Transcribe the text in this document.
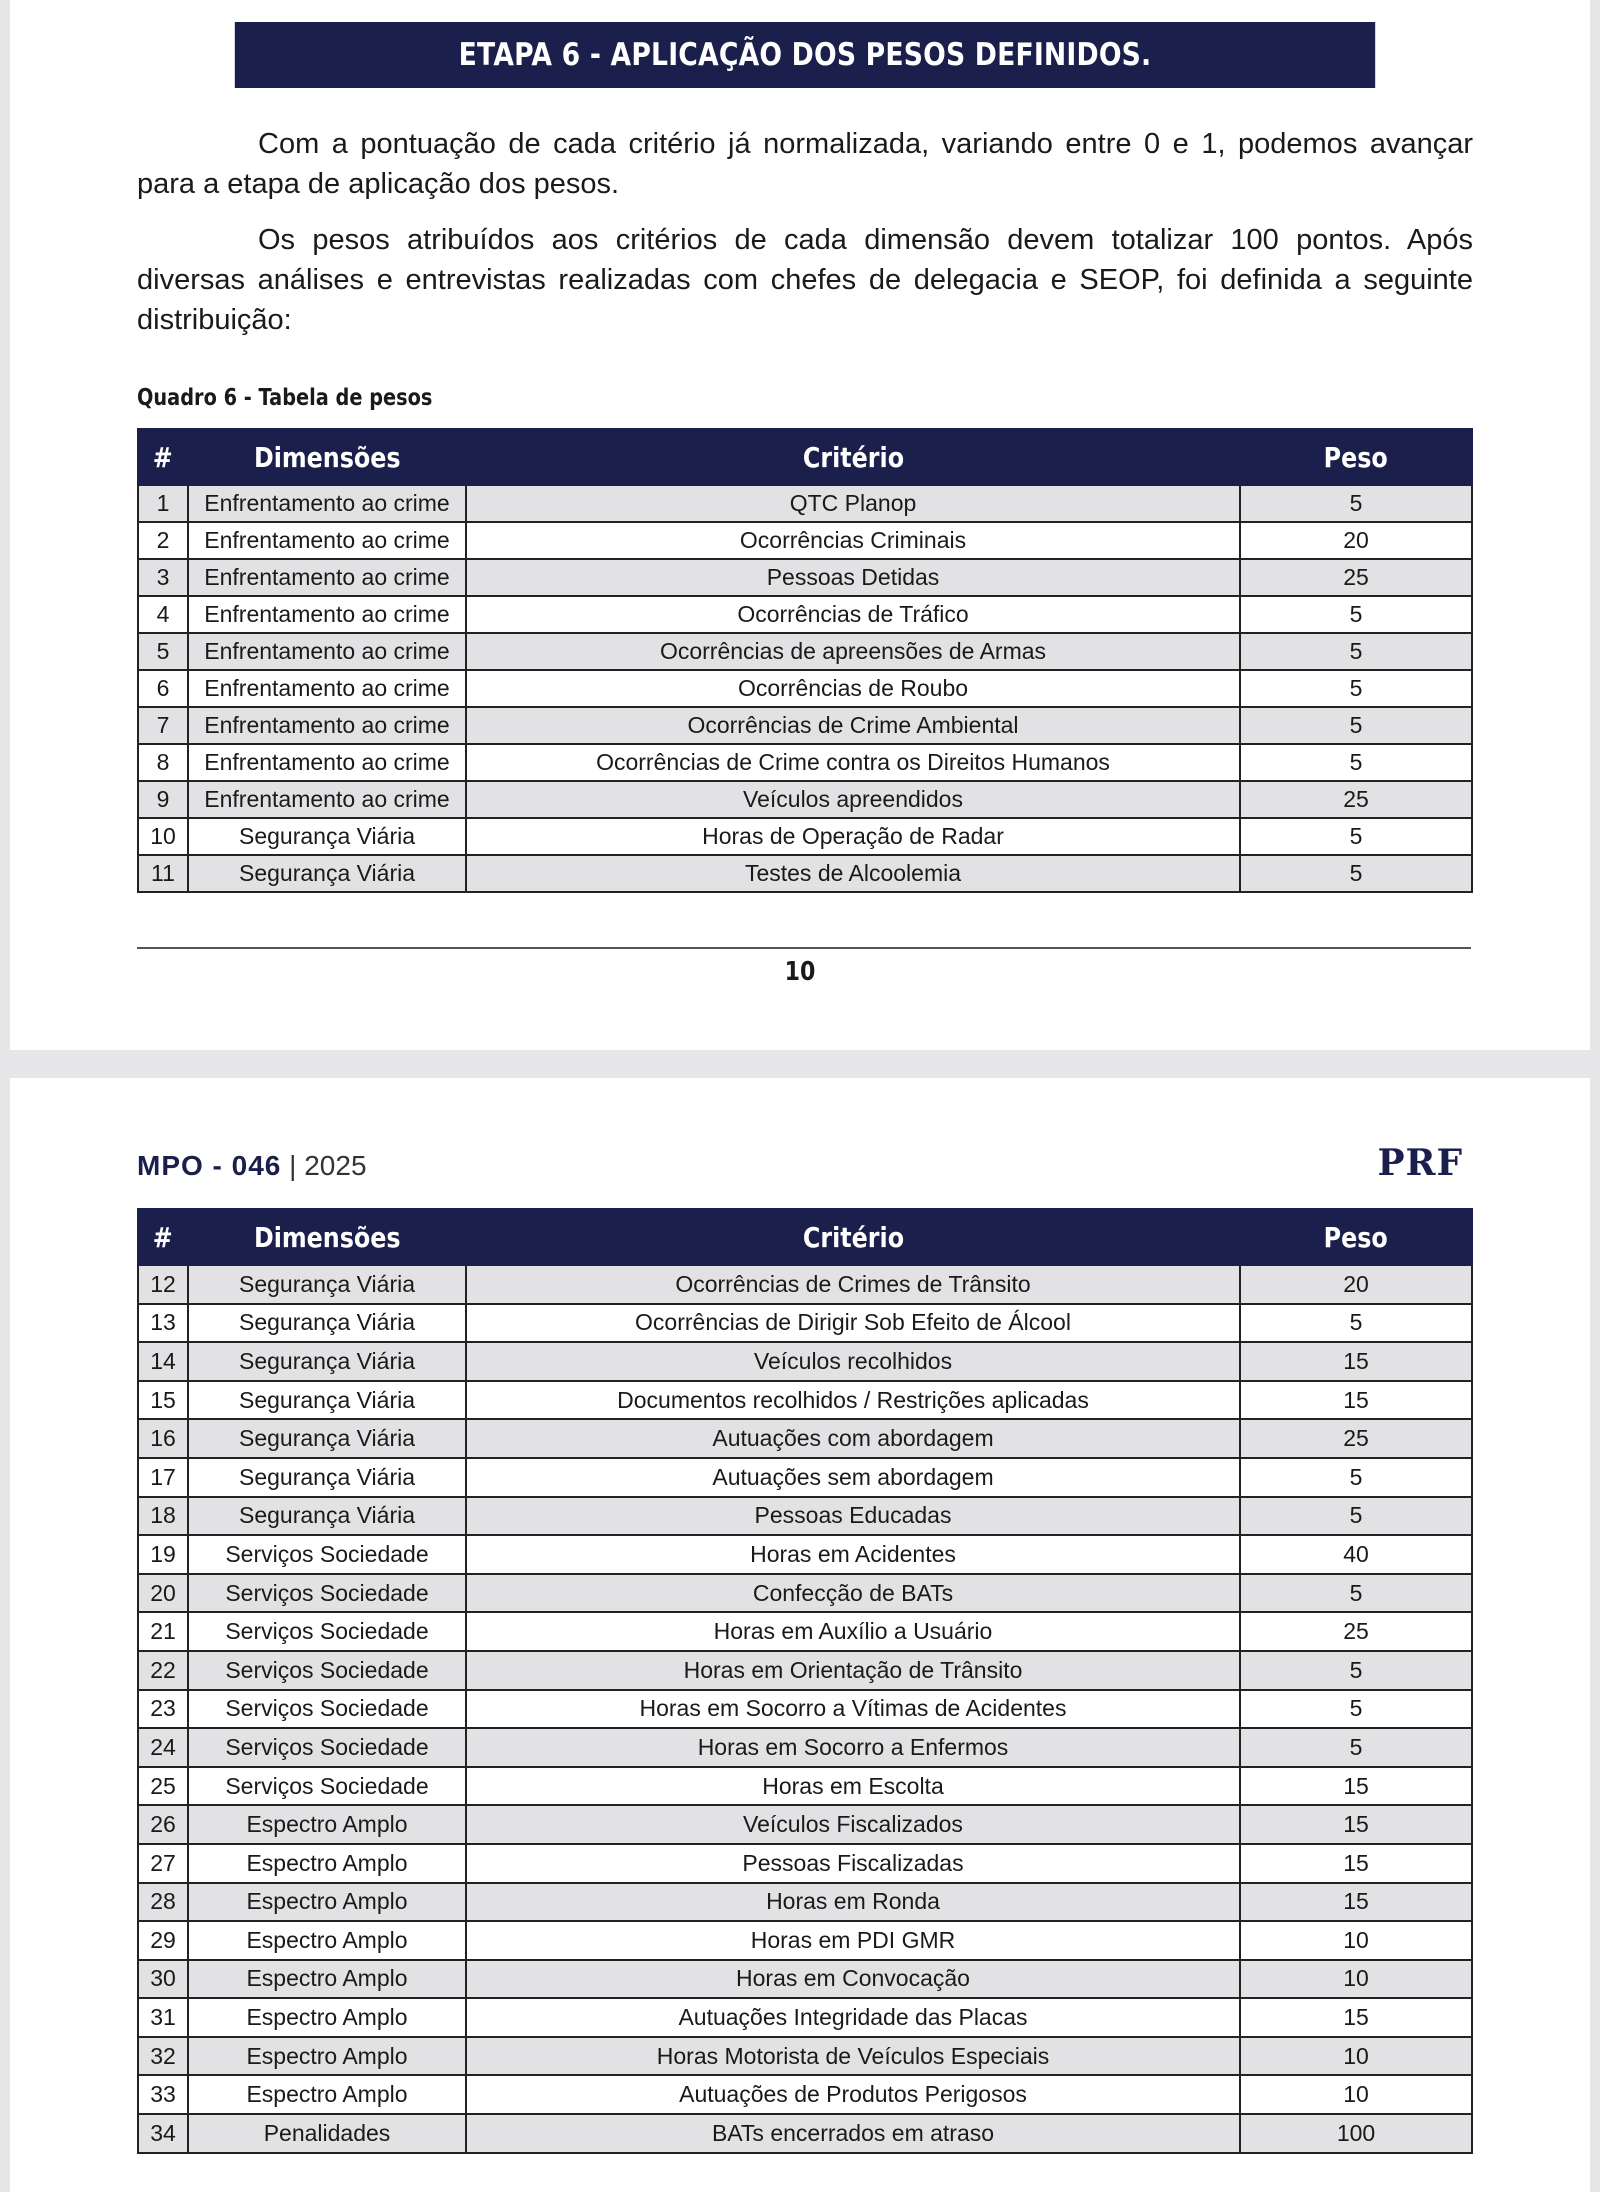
ETAPA 6 - APLICAÇÃO DOS PESOS DEFINIDOS.

Com a pontuação de cada critério já normalizada, variando entre 0 e 1, podemos avançar para a etapa de aplicação dos pesos.

Os pesos atribuídos aos critérios de cada dimensão devem totalizar 100 pontos. Após diversas análises e entrevistas realizadas com chefes de delegacia e SEOP, foi definida a seguinte distribuição:

Quadro 6 - Tabela de pesos
#	Dimensões	Critério	Peso
1	Enfrentamento ao crime	QTC Planop	5
2	Enfrentamento ao crime	Ocorrências Criminais	20
3	Enfrentamento ao crime	Pessoas Detidas	25
4	Enfrentamento ao crime	Ocorrências de Tráfico	5
5	Enfrentamento ao crime	Ocorrências de apreensões de Armas	5
6	Enfrentamento ao crime	Ocorrências de Roubo	5
7	Enfrentamento ao crime	Ocorrências de Crime Ambiental	5
8	Enfrentamento ao crime	Ocorrências de Crime contra os Direitos Humanos	5
9	Enfrentamento ao crime	Veículos apreendidos	25
10	Segurança Viária	Horas de Operação de Radar	5
11	Segurança Viária	Testes de Alcoolemia	5
10
MPO - 046 | 2025	PRF
#	Dimensões	Critério	Peso
12	Segurança Viária	Ocorrências de Crimes de Trânsito	20
13	Segurança Viária	Ocorrências de Dirigir Sob Efeito de Álcool	5
14	Segurança Viária	Veículos recolhidos	15
15	Segurança Viária	Documentos recolhidos / Restrições aplicadas	15
16	Segurança Viária	Autuações com abordagem	25
17	Segurança Viária	Autuações sem abordagem	5
18	Segurança Viária	Pessoas Educadas	5
19	Serviços Sociedade	Horas em Acidentes	40
20	Serviços Sociedade	Confecção de BATs	5
21	Serviços Sociedade	Horas em Auxílio a Usuário	25
22	Serviços Sociedade	Horas em Orientação de Trânsito	5
23	Serviços Sociedade	Horas em Socorro a Vítimas de Acidentes	5
24	Serviços Sociedade	Horas em Socorro a Enfermos	5
25	Serviços Sociedade	Horas em Escolta	15
26	Espectro Amplo	Veículos Fiscalizados	15
27	Espectro Amplo	Pessoas Fiscalizadas	15
28	Espectro Amplo	Horas em Ronda	15
29	Espectro Amplo	Horas em PDI GMR	10
30	Espectro Amplo	Horas em Convocação	10
31	Espectro Amplo	Autuações Integridade das Placas	15
32	Espectro Amplo	Horas Motorista de Veículos Especiais	10
33	Espectro Amplo	Autuações de Produtos Perigosos	10
34	Penalidades	BATs encerrados em atraso	100
